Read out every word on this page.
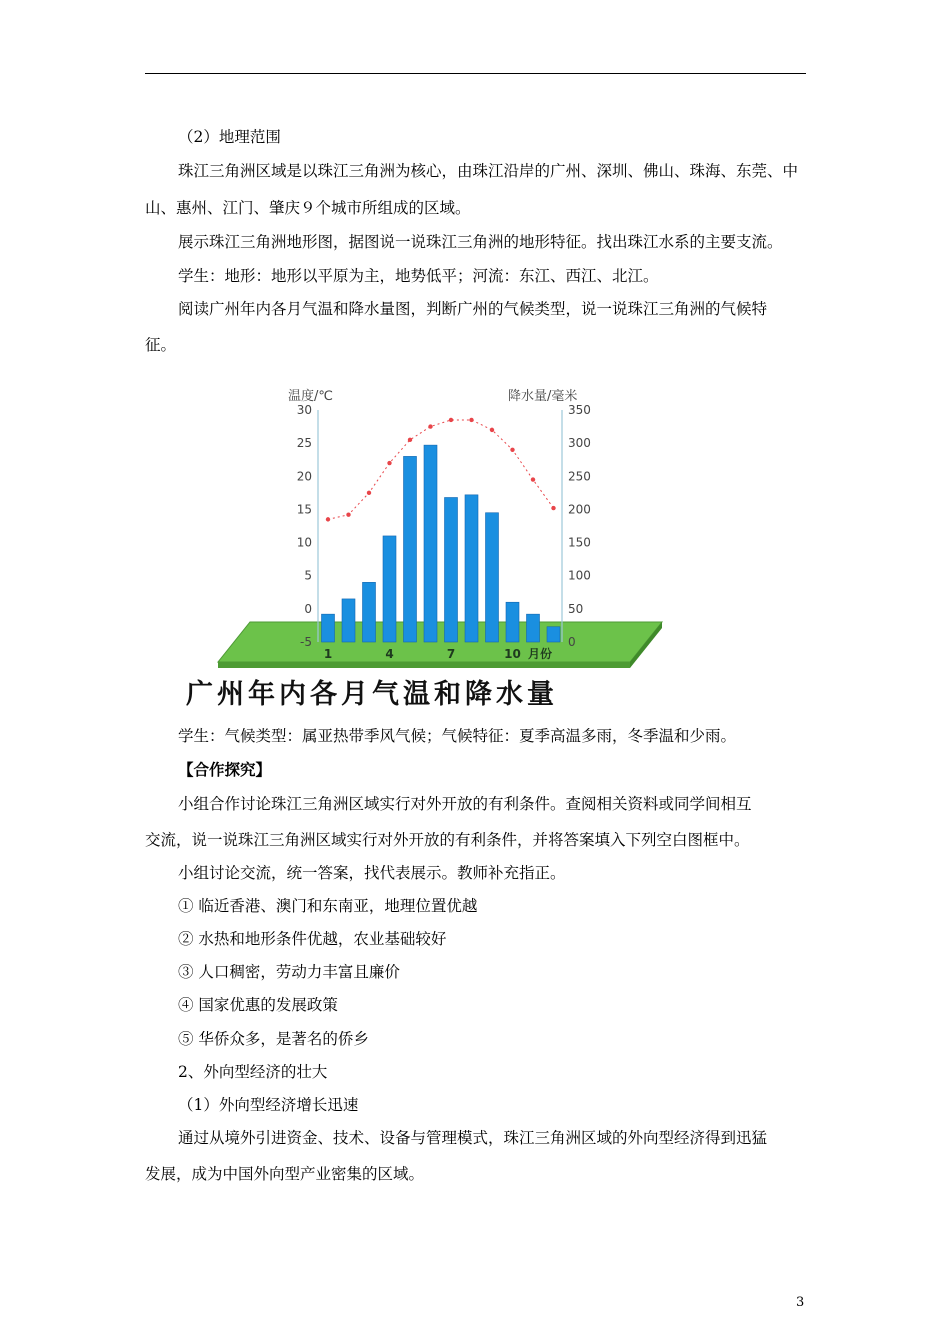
（2）地理范围
珠江三角洲区域是以珠江三角洲为核心，由珠江沿岸的广州、深圳、佛山、珠海、东莞、中
山、惠州、江门、肇庆９个城市所组成的区域。
展示珠江三角洲地形图，据图说一说珠江三角洲的地形特征。找出珠江水系的主要支流。
学生：地形：地形以平原为主，地势低平；河流：东江、西江、北江。
阅读广州年内各月气温和降水量图，判断广州的气候类型，说一说珠江三角洲的气候特
征。
30
25
20
15
10
5
0
-5
350
300
250
200
150
100
50
0
温度/℃	降水量/毫米
1	4	7	10 月份
广州年内各月气温和降水量
学生：气候类型：属亚热带季风气候；气候特征：夏季高温多雨，冬季温和少雨。
【合作探究】
小组合作讨论珠江三角洲区域实行对外开放的有利条件。查阅相关资料或同学间相互
交流，说一说珠江三角洲区域实行对外开放的有利条件，并将答案填入下列空白图框中。
小组讨论交流，统一答案，找代表展示。教师补充指正。
① 临近香港、澳门和东南亚，地理位置优越
② 水热和地形条件优越，农业基础较好
③ 人口稠密，劳动力丰富且廉价
④ 国家优惠的发展政策
⑤ 华侨众多，是著名的侨乡
2、外向型经济的壮大
（1）外向型经济增长迅速
通过从境外引进资金、技术、设备与管理模式，珠江三角洲区域的外向型经济得到迅猛
发展，成为中国外向型产业密集的区域。
3
